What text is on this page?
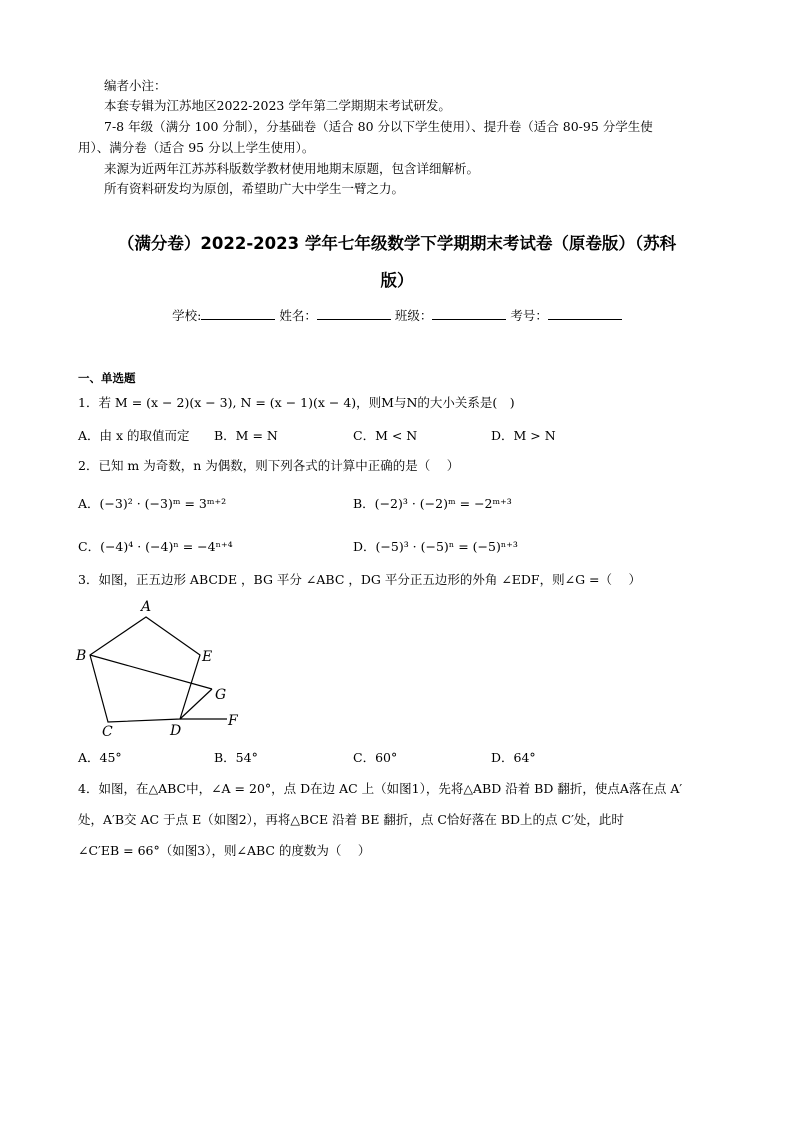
编者小注：
本套专辑为江苏地区2022-2023 学年第二学期期末考试研发。
7-8 年级（满分 100 分制），分基础卷（适合 80 分以下学生使用）、提升卷（适合 80-95 分学生使
用）、满分卷（适合 95 分以上学生使用）。
来源为近两年江苏苏科版数学教材使用地期末原题，包含详细解析。
所有资料研发均为原创，希望助广大中学生一臂之力。
（满分卷）2022-2023 学年七年级数学下学期期末考试卷（原卷版）（苏科
版）
学校:	姓名：	班级：	考号：
一、单选题
1．若 M = (x − 2)(x − 3), N = (x − 1)(x − 4)，则M与N的大小关系是(　)
A．由 x 的取值而定 B．M = N	C．M < N	D．M > N
2．已知 m 为奇数，n 为偶数，则下列各式的计算中正确的是（　 ）
A．(−3)² · (−3)ᵐ = 3ᵐ⁺²	B．(−2)³ · (−2)ᵐ = −2ᵐ⁺³
C．(−4)⁴ · (−4)ⁿ = −4ⁿ⁺⁴	D．(−5)³ · (−5)ⁿ = (−5)ⁿ⁺³
3．如图，正五边形 ABCDE ，BG 平分 ∠ABC ，DG 平分正五边形的外角 ∠EDF，则∠G =（　 ）
A
B	E
G
C	D
F
A．45°	B．54°	C．60°	D．64°
4．如图，在△ABC中，∠A = 20°，点 D在边 AC 上（如图1），先将△ABD 沿着 BD 翻折，使点A落在点 A′
处，A′B交 AC 于点 E（如图2），再将△BCE 沿着 BE 翻折，点 C恰好落在 BD上的点 C′处，此时
∠C′EB = 66°（如图3），则∠ABC 的度数为（　 ）
